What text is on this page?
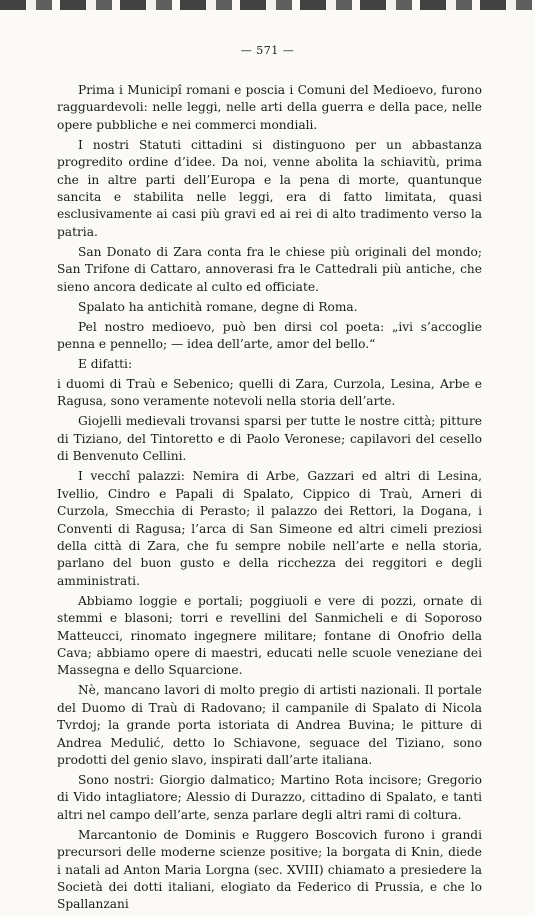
— 571 —

Prima i Municipî romani e poscia i Comuni del Medioevo, furono ragguardevoli: nelle leggi, nelle arti della guerra e della pace, nelle opere pubbliche e nei commerci mondiali.

I nostri Statuti cittadini si distinguono per un abbastanza progredito ordine d’idee. Da noi, venne abolita la schiavitù, prima che in altre parti dell’Europa e la pena di morte, quantunque sancita e stabilita nelle leggi, era di fatto limitata, quasi esclusivamente ai casi più gravi ed ai rei di alto tradimento verso la patria.

San Donato di Zara conta fra le chiese più originali del mondo; San Trifone di Cattaro, annoverasi fra le Cattedrali più antiche, che sieno ancora dedicate al culto ed officiate.

Spalato ha antichità romane, degne di Roma.

Pel nostro medioevo, può ben dirsi col poeta: „ivi s’accoglie penna e pennello; — idea dell’arte, amor del bello.“

E difatti:

i duomi di Traù e Sebenico; quelli di Zara, Curzola, Lesina, Arbe e Ragusa, sono veramente notevoli nella storia dell’arte.

Giojelli medievali trovansi sparsi per tutte le nostre città; pitture di Tiziano, del Tintoretto e di Paolo Veronese; capilavori del cesello di Benvenuto Cellini.

I vecchî palazzi: Nemira di Arbe, Gazzari ed altri di Lesina, Ivellio, Cindro e Papali di Spalato, Cippico di Traù, Arneri di Curzola, Smecchia di Perasto; il palazzo dei Rettori, la Dogana, i Conventi di Ragusa; l’arca di San Simeone ed altri cimeli preziosi della città di Zara, che fu sempre nobile nell’arte e nella storia, parlano del buon gusto e della ricchezza dei reggitori e degli amministrati.

Abbiamo loggie e portali; poggiuoli e vere di pozzi, ornate di stemmi e blasoni; torri e revellini del Sanmicheli e di Soporoso Matteucci, rinomato ingegnere militare; fontane di Onofrio della Cava; abbiamo opere di maestri, educati nelle scuole veneziane dei Massegna e dello Squarcione.

Nè, mancano lavori di molto pregio di artisti nazionali. Il portale del Duomo di Traù di Radovano; il campanile di Spalato di Nicola Tvrdoj; la grande porta istoriata di Andrea Buvina; le pitture di Andrea Medulić, detto lo Schiavone, seguace del Tiziano, sono prodotti del genio slavo, inspirati dall’arte italiana.

Sono nostri: Giorgio dalmatico; Martino Rota incisore; Gregorio di Vido intagliatore; Alessio di Durazzo, cittadino di Spalato, e tanti altri nel campo dell’arte, senza parlare degli altri rami di coltura.

Marcantonio de Dominis e Ruggero Boscovich furono i grandi precursori delle moderne scienze positive; la borgata di Knin, diede i natali ad Anton Maria Lorgna (sec. XVIII) chiamato a presiedere la Società dei dotti italiani, elogiato da Federico di Prussia, e che lo Spallanzani
